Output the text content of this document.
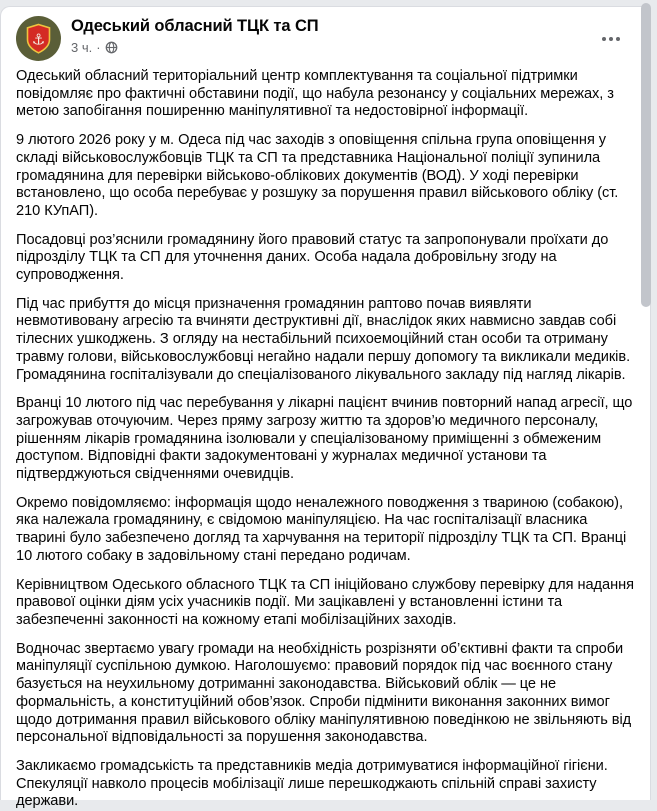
⚓
Одеський обласний ТЦК та СП
3 ч. ·

Одеський обласний територіальний центр комплектування та соціальної підтримки повідомляє про фактичні обставини події, що набула резонансу у соціальних мережах, з метою запобігання поширенню маніпулятивної та недостовірної інформації.

9 лютого 2026 року у м. Одеса під час заходів з оповіщення спільна група оповіщення у складі військовослужбовців ТЦК та СП та представника Національної поліції зупинила громадянина для перевірки військово-облікових документів (ВОД). У ході перевірки встановлено, що особа перебуває у розшуку за порушення правил військового обліку (ст. 210 КУпАП).

Посадовці роз’яснили громадянину його правовий статус та запропонували проїхати до підрозділу ТЦК та СП для уточнення даних. Особа надала добровільну згоду на супроводження.

Під час прибуття до місця призначення громадянин раптово почав виявляти невмотивовану агресію та вчиняти деструктивні дії, внаслідок яких навмисно завдав собі тілесних ушкоджень. З огляду на нестабільний психоемоційний стан особи та отриману травму голови, військовослужбовці негайно надали першу допомогу та викликали медиків. Громадянина госпіталізували до спеціалізованого лікувального закладу під нагляд лікарів.

Вранці 10 лютого під час перебування у лікарні пацієнт вчинив повторний напад агресії, що загрожував оточуючим. Через пряму загрозу життю та здоров’ю медичного персоналу, рішенням лікарів громадянина ізолювали у спеціалізованому приміщенні з обмеженим доступом. Відповідні факти задокументовані у журналах медичної установи та підтверджуються свідченнями очевидців.

Окремо повідомляємо: інформація щодо неналежного поводження з твариною (собакою), яка належала громадянину, є свідомою маніпуляцією. На час госпіталізації власника тварині було забезпечено догляд та харчування на території підрозділу ТЦК та СП. Вранці 10 лютого собаку в задовільному стані передано родичам.

Керівництвом Одеського обласного ТЦК та СП ініційовано службову перевірку для надання правової оцінки діям усіх учасників події. Ми зацікавлені у встановленні істини та забезпеченні законності на кожному етапі мобілізаційних заходів.

Водночас звертаємо увагу громади на необхідність розрізняти об’єктивні факти та спроби маніпуляції суспільною думкою. Наголошуємо: правовий порядок під час воєнного стану базується на неухильному дотриманні законодавства. Військовий облік — це не формальність, а конституційний обов’язок. Спроби підмінити виконання законних вимог щодо дотримання правил військового обліку маніпулятивною поведінкою не звільняють від персональної відповідальності за порушення законодавства.

Закликаємо громадськість та представників медіа дотримуватися інформаційної гігієни. Спекуляції навколо процесів мобілізації лише перешкоджають спільній справі захисту держави.
